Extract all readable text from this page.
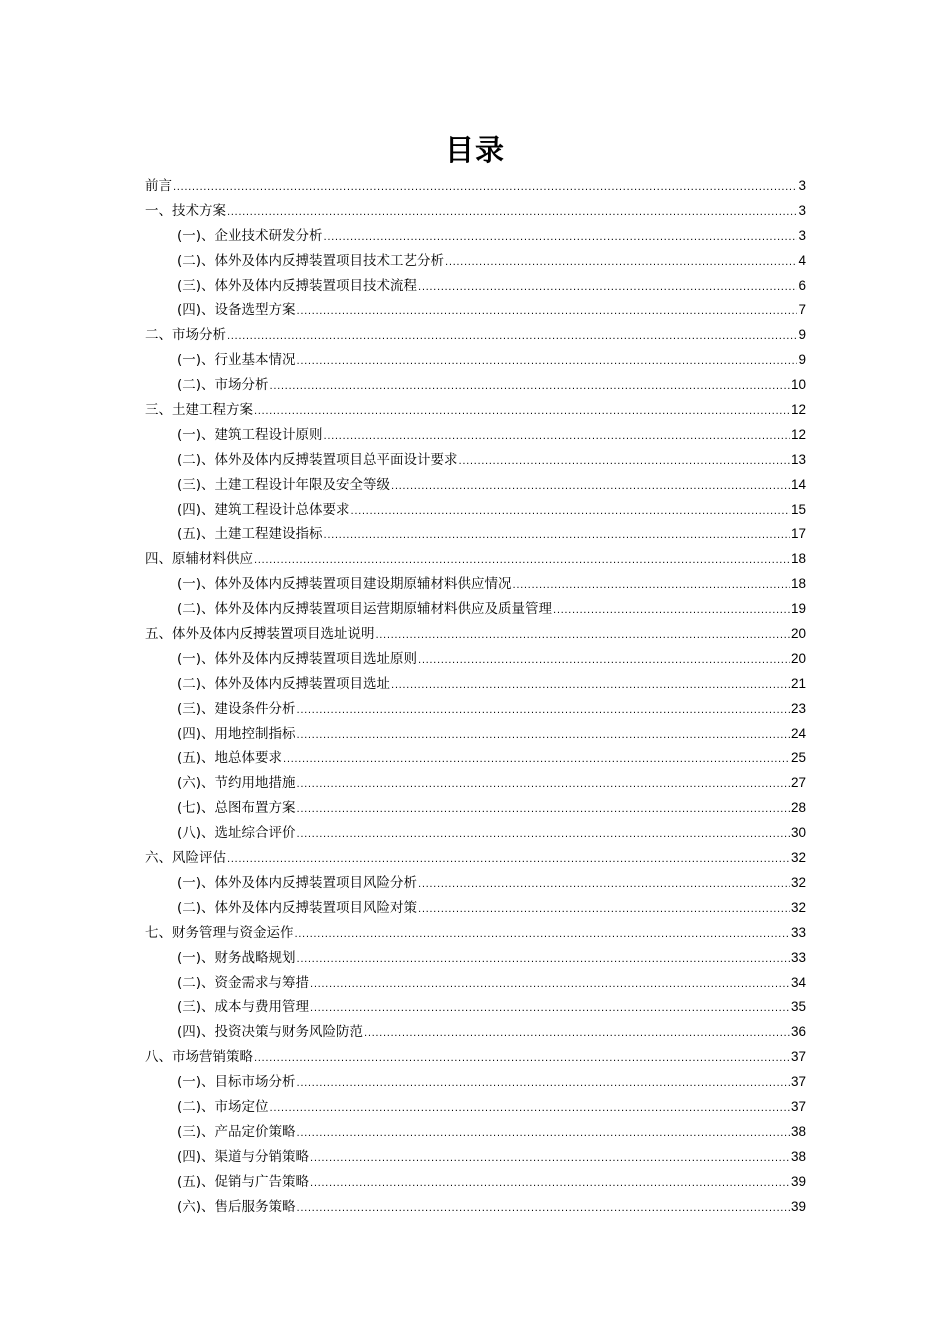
目录
前言 .....	3
一、技术方案 .....	3
(一)、企业技术研发分析 .....	3
(二)、体外及体内反搏装置项目技术工艺分析 .....	4
(三)、体外及体内反搏装置项目技术流程 .....	6
(四)、设备选型方案 .....	7
二、市场分析 .....	9
(一)、行业基本情况 .....	9
(二)、市场分析 .....	10
三、土建工程方案 .....	12
(一)、建筑工程设计原则 .....	12
(二)、体外及体内反搏装置项目总平面设计要求 .....	13
(三)、土建工程设计年限及安全等级 .....	14
(四)、建筑工程设计总体要求 .....	15
(五)、土建工程建设指标 .....	17
四、原辅材料供应 .....	18
(一)、体外及体内反搏装置项目建设期原辅材料供应情况 .....	18
(二)、体外及体内反搏装置项目运营期原辅材料供应及质量管理 .....	19
五、体外及体内反搏装置项目选址说明 .....	20
(一)、体外及体内反搏装置项目选址原则 .....	20
(二)、体外及体内反搏装置项目选址 .....	21
(三)、建设条件分析 .....	23
(四)、用地控制指标 .....	24
(五)、地总体要求 .....	25
(六)、节约用地措施 .....	27
(七)、总图布置方案 .....	28
(八)、选址综合评价 .....	30
六、风险评估 .....	32
(一)、体外及体内反搏装置项目风险分析 .....	32
(二)、体外及体内反搏装置项目风险对策 .....	32
七、财务管理与资金运作 .....	33
(一)、财务战略规划 .....	33
(二)、资金需求与筹措 .....	34
(三)、成本与费用管理 .....	35
(四)、投资决策与财务风险防范 .....	36
八、市场营销策略 .....	37
(一)、目标市场分析 .....	37
(二)、市场定位 .....	37
(三)、产品定价策略 .....	38
(四)、渠道与分销策略 .....	38
(五)、促销与广告策略 .....	39
(六)、售后服务策略 .....	39
